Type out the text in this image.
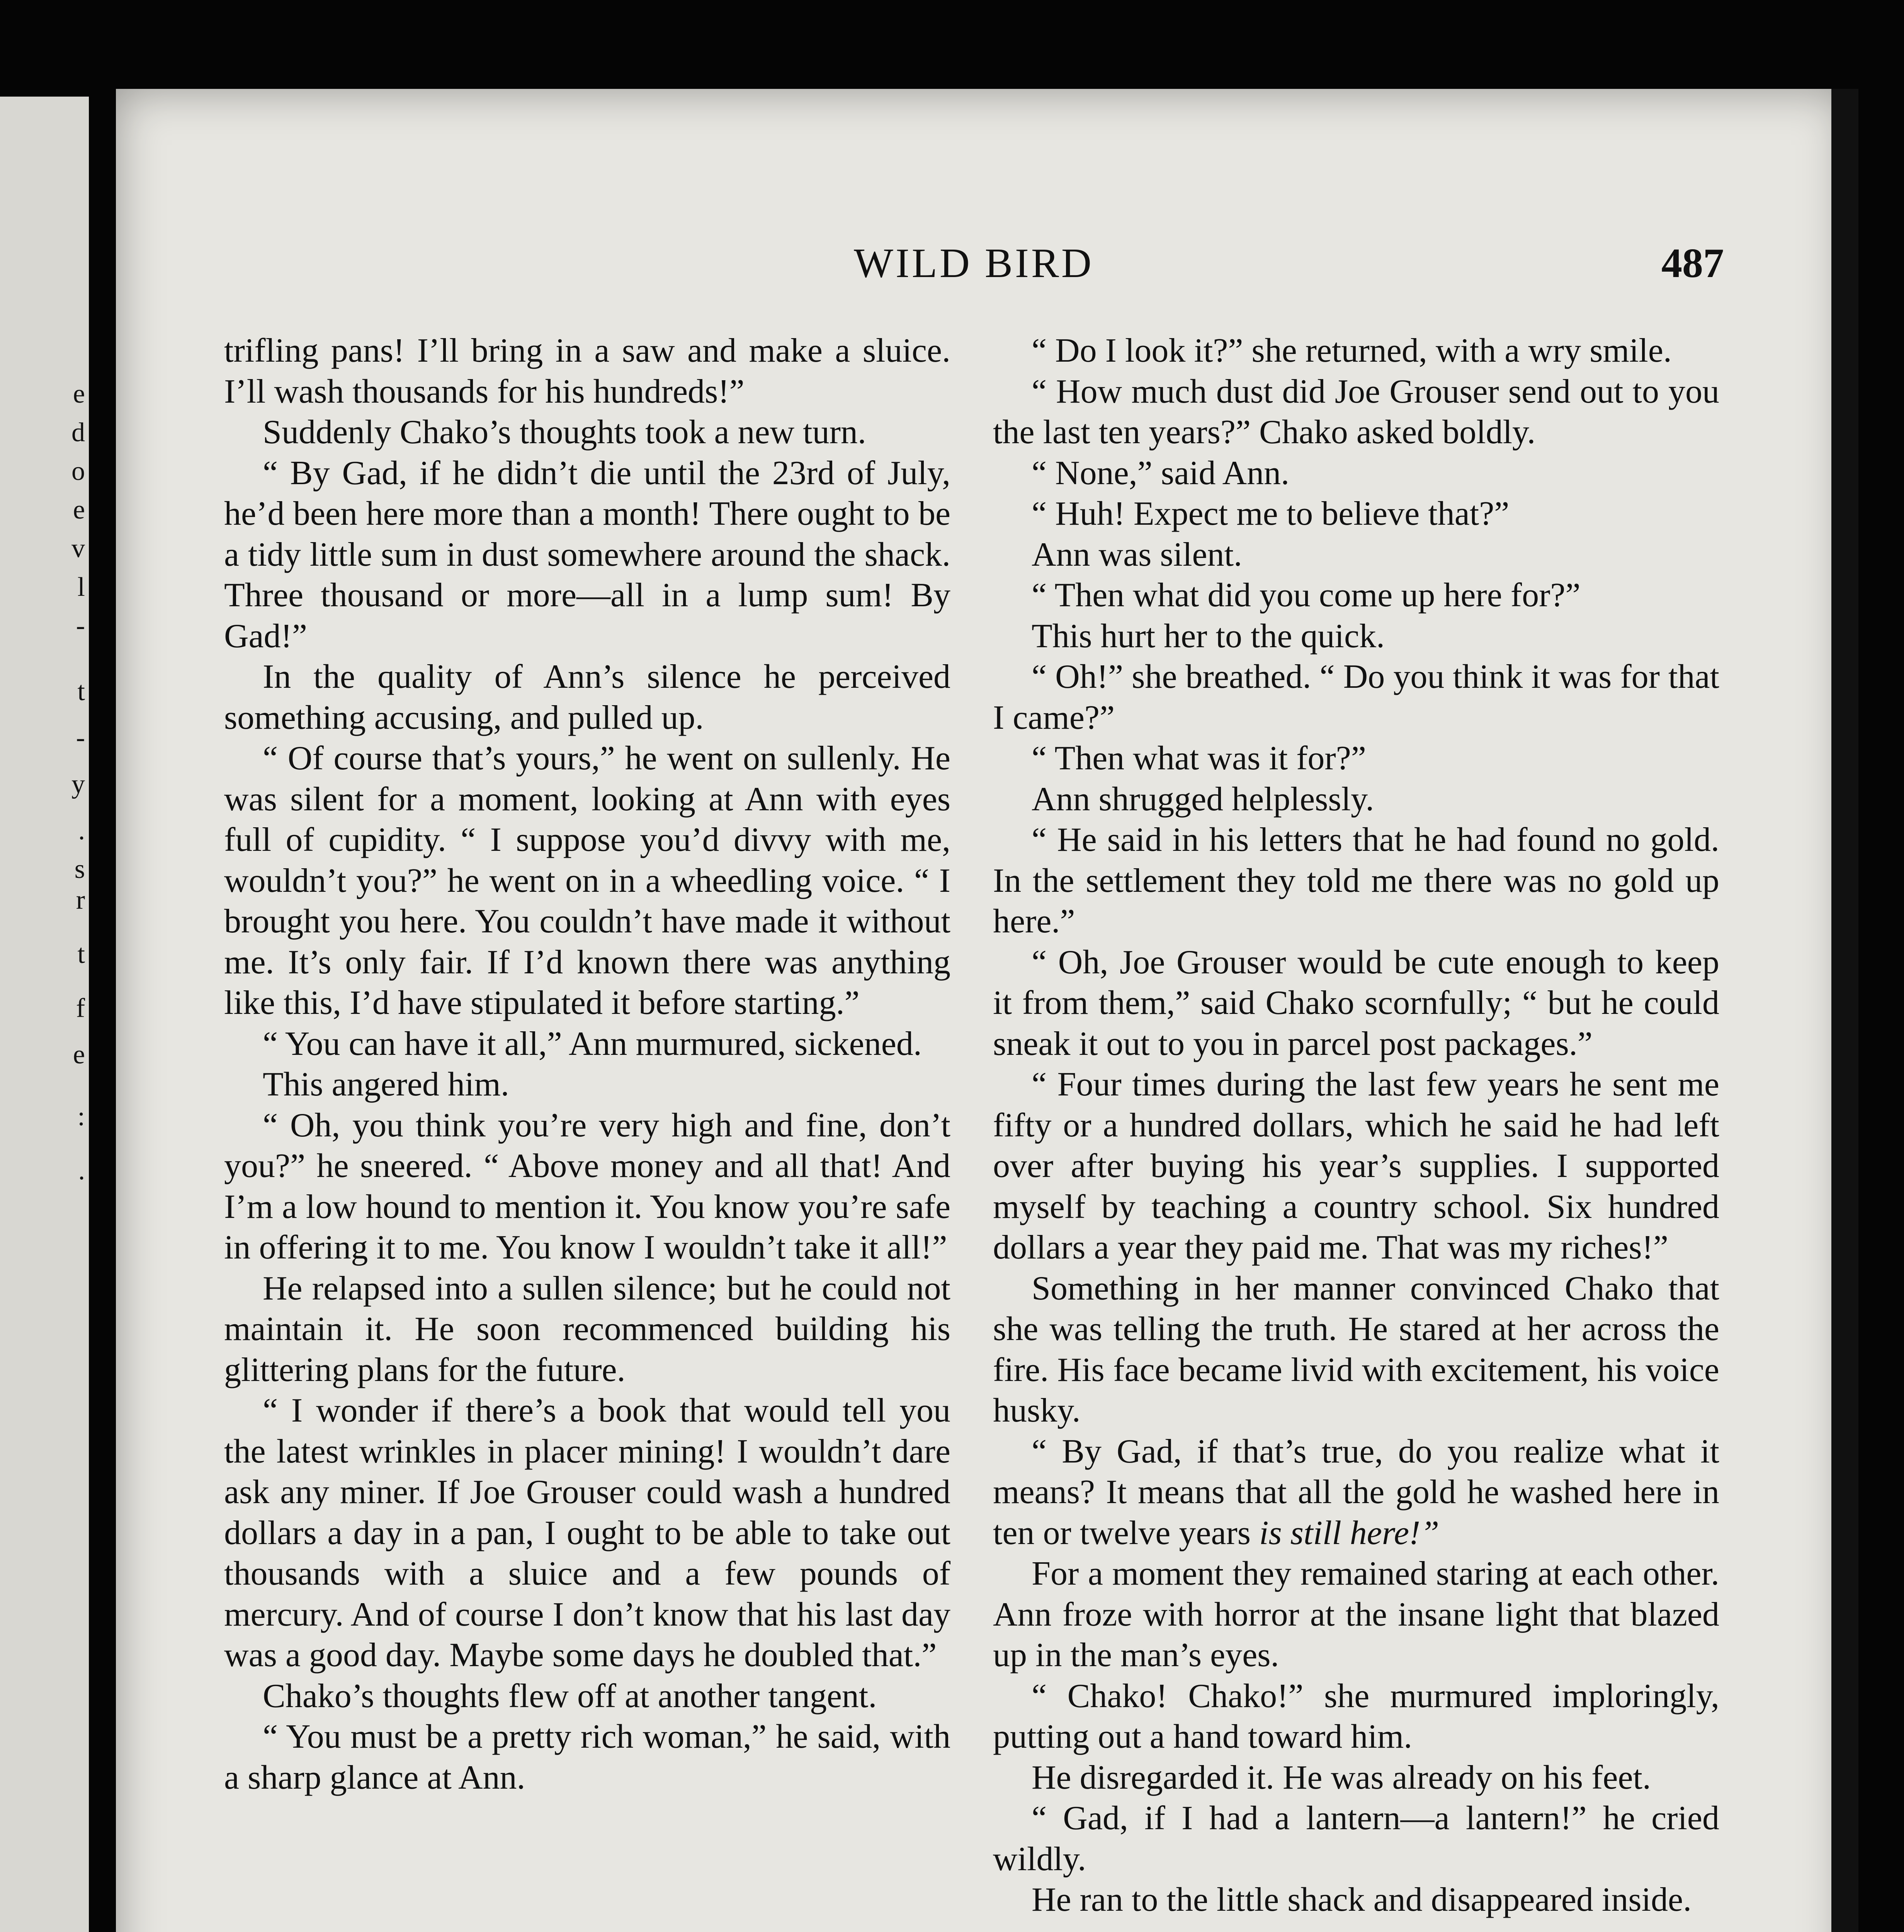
e
d
o
e
v
l
-
t
-
y
.
s
r
t
f
e
:
.
WILD BIRD	487

trifling pans! I’ll bring in a saw and make a sluice. I’ll wash thousands for his hundreds!”

Suddenly Chako’s thoughts took a new turn.

“ By Gad, if he didn’t die until the 23rd of July, he’d been here more than a month! There ought to be a tidy little sum in dust somewhere around the shack. Three thousand or more—all in a lump sum! By Gad!”

In the quality of Ann’s silence he perceived something accusing, and pulled up.

“ Of course that’s yours,” he went on sullenly. He was silent for a moment, looking at Ann with eyes full of cupidity. “ I suppose you’d divvy with me, wouldn’t you?” he went on in a wheedling voice. “ I brought you here. You couldn’t have made it without me. It’s only fair. If I’d known there was anything like this, I’d have stipulated it before starting.”

“ You can have it all,” Ann murmured, sickened.

This angered him.

“ Oh, you think you’re very high and fine, don’t you?” he sneered. “ Above money and all that! And I’m a low hound to mention it. You know you’re safe in offering it to me. You know I wouldn’t take it all!”

He relapsed into a sullen silence; but he could not maintain it. He soon recommenced building his glittering plans for the future.

“ I wonder if there’s a book that would tell you the latest wrinkles in placer mining! I wouldn’t dare ask any miner. If Joe Grouser could wash a hundred dollars a day in a pan, I ought to be able to take out thousands with a sluice and a few pounds of mercury. And of course I don’t know that his last day was a good day. Maybe some days he doubled that.”

Chako’s thoughts flew off at another tangent.

“ You must be a pretty rich woman,” he said, with a sharp glance at Ann.

“ Do I look it?” she returned, with a wry smile.

“ How much dust did Joe Grouser send out to you the last ten years?” Chako asked boldly.

“ None,” said Ann.

“ Huh! Expect me to believe that?”

Ann was silent.

“ Then what did you come up here for?”

This hurt her to the quick.

“ Oh!” she breathed. “ Do you think it was for that I came?”

“ Then what was it for?”

Ann shrugged helplessly.

“ He said in his letters that he had found no gold. In the settlement they told me there was no gold up here.”

“ Oh, Joe Grouser would be cute enough to keep it from them,” said Chako scornfully; “ but he could sneak it out to you in parcel post packages.”

“ Four times during the last few years he sent me fifty or a hundred dollars, which he said he had left over after buying his year’s supplies. I supported myself by teaching a country school. Six hundred dollars a year they paid me. That was my riches!”

Something in her manner convinced Chako that she was telling the truth. He stared at her across the fire. His face became livid with excitement, his voice husky.

“ By Gad, if that’s true, do you realize what it means? It means that all the gold he washed here in ten or twelve years is still here!”

For a moment they remained staring at each other. Ann froze with horror at the insane light that blazed up in the man’s eyes.

“ Chako! Chako!” she murmured imploringly, putting out a hand toward him.

He disregarded it. He was already on his feet.

“ Gad, if I had a lantern—a lantern!” he cried wildly.

He ran to the little shack and disappeared inside.
